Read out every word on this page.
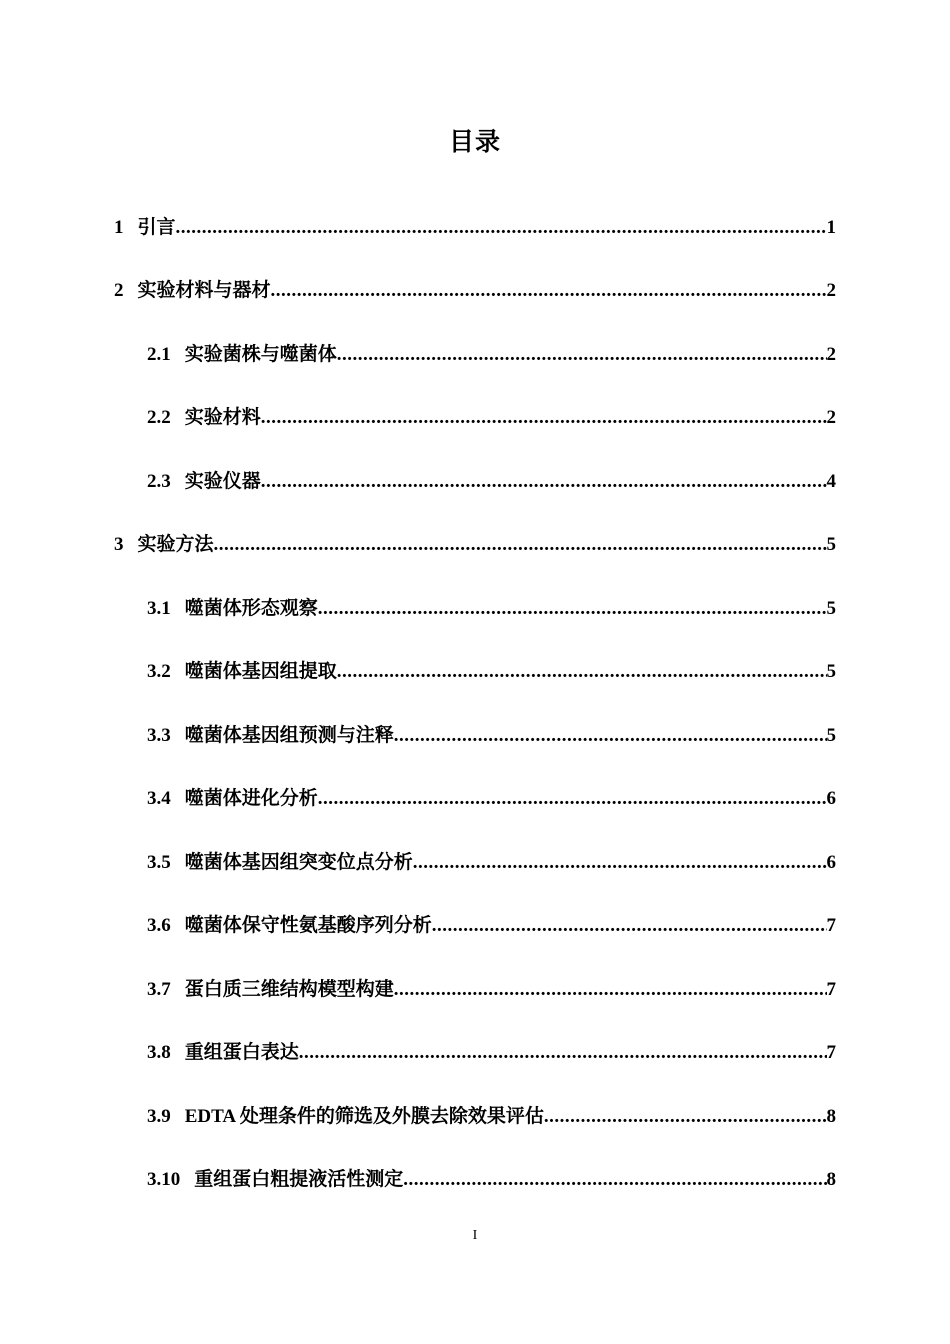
目录
1 引言 .....	1
2 实验材料与器材 .....	2
2.1 实验菌株与噬菌体 .....	2
2.2 实验材料 .....	2
2.3 实验仪器 .....	4
3 实验方法 .....	5
3.1 噬菌体形态观察 .....	5
3.2 噬菌体基因组提取 .....	5
3.3 噬菌体基因组预测与注释 .....	5
3.4 噬菌体进化分析 .....	6
3.5 噬菌体基因组突变位点分析 .....	6
3.6 噬菌体保守性氨基酸序列分析 .....	7
3.7 蛋白质三维结构模型构建 .....	7
3.8 重组蛋白表达 .....	7
3.9 EDTA 处理条件的筛选及外膜去除效果评估 .....	8
3.10 重组蛋白粗提液活性测定 .....	8
I
